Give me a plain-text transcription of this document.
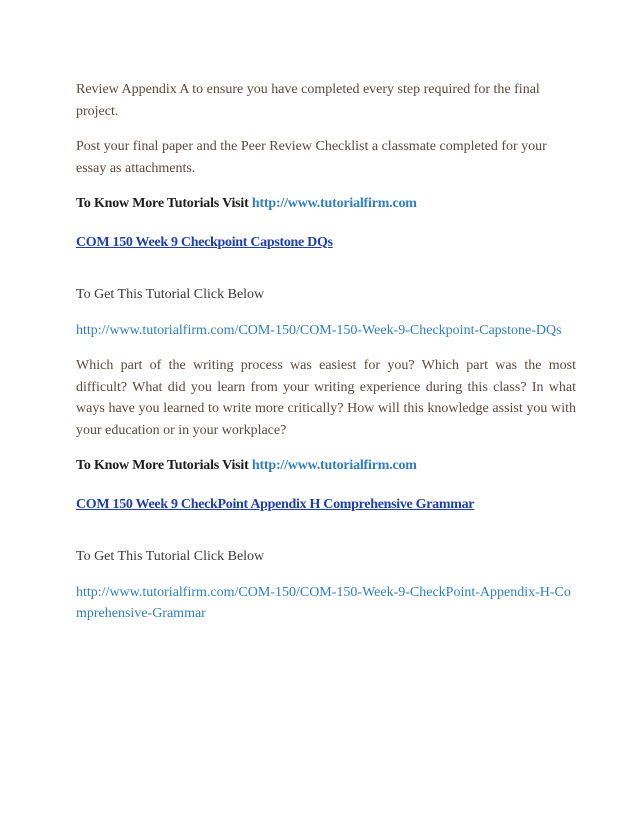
Review Appendix A to ensure you have completed every step required for the final project.

Post your final paper and the Peer Review Checklist a classmate completed for your essay as attachments.

To Know More Tutorials Visit http://www.tutorialfirm.com

COM 150 Week 9 Checkpoint Capstone DQs

To Get This Tutorial Click Below

http://www.tutorialfirm.com/COM-150/COM-150-Week-9-Checkpoint-Capstone-DQs

Which part of the writing process was easiest for you? Which part was the most difficult? What did you learn from your writing experience during this class? In what ways have you learned to write more critically? How will this knowledge assist you with your education or in your workplace?

To Know More Tutorials Visit http://www.tutorialfirm.com

COM 150 Week 9 CheckPoint Appendix H Comprehensive Grammar

To Get This Tutorial Click Below

http://www.tutorialfirm.com/COM-150/COM-150-Week-9-CheckPoint-Appendix-H-Comprehensive-Grammar
